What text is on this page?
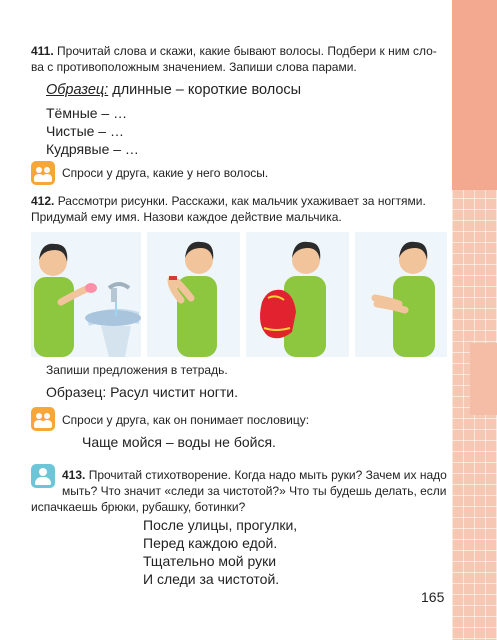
411. Прочитай слова и скажи, какие бывают волосы. Подбери к ним сло-
ва с противоположным значением. Запиши слова парами.
Образец: длинные – короткие волосы
Тёмные – …
Чистые – …
Кудрявые – …
Спроси у друга, какие у него волосы.
412. Рассмотри рисунки. Расскажи, как мальчик ухаживает за ногтями.
Придумай ему имя. Назови каждое действие мальчика.
Запиши предложения в тетрадь.
Образец: Расул чистит ногти.
Спроси у друга, как он понимает пословицу:
Чаще мойся – воды не бойся.
413. Прочитай стихотворение. Когда надо мыть руки? Зачем их надо
мыть? Что значит «следи за чистотой?» Что ты будешь делать, если
испачкаешь брюки, рубашку, ботинки?
После улицы, прогулки,
Перед каждою едой.
Тщательно мой руки
И следи за чистотой.
165
